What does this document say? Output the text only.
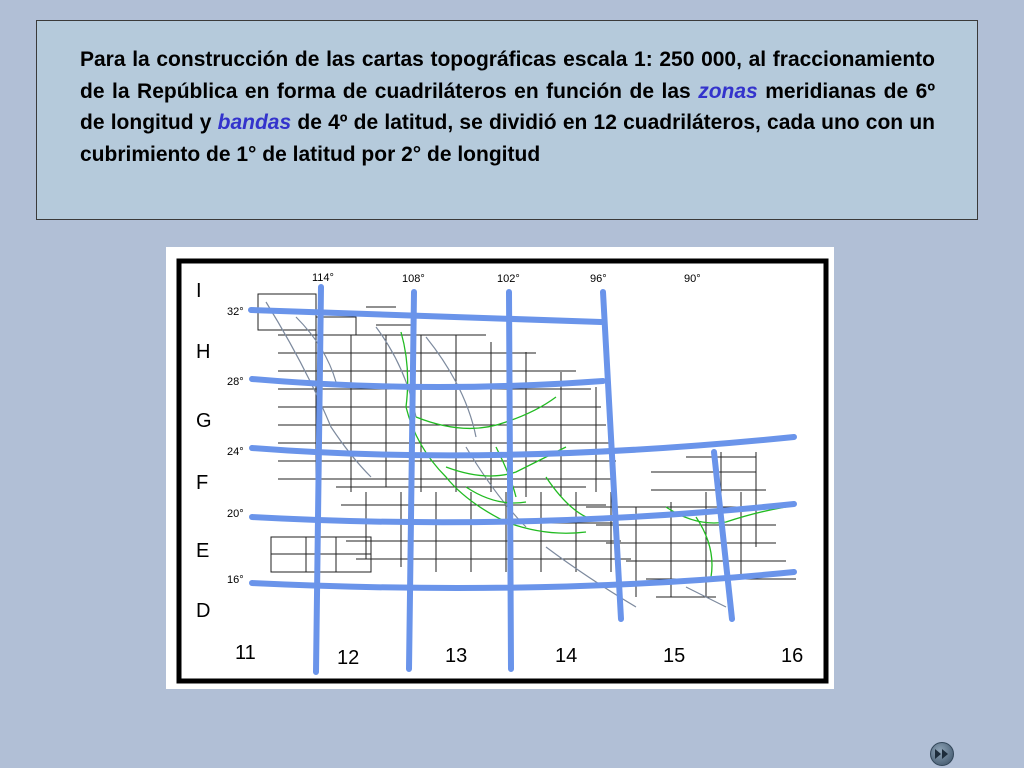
Para la construcción de las cartas topográficas escala 1: 250 000, al fraccionamiento de la República en forma de cuadriláteros en función de las zonas meridianas de 6º de longitud y bandas de 4º de latitud, se dividió en 12 cuadriláteros, cada uno con un cubrimiento de 1° de latitud por 2° de longitud

114°	108°	102°	96°	90°
32°
28°
24°
20°
16°
I
H
G
F
E
D
11	12	13	14	15	16
